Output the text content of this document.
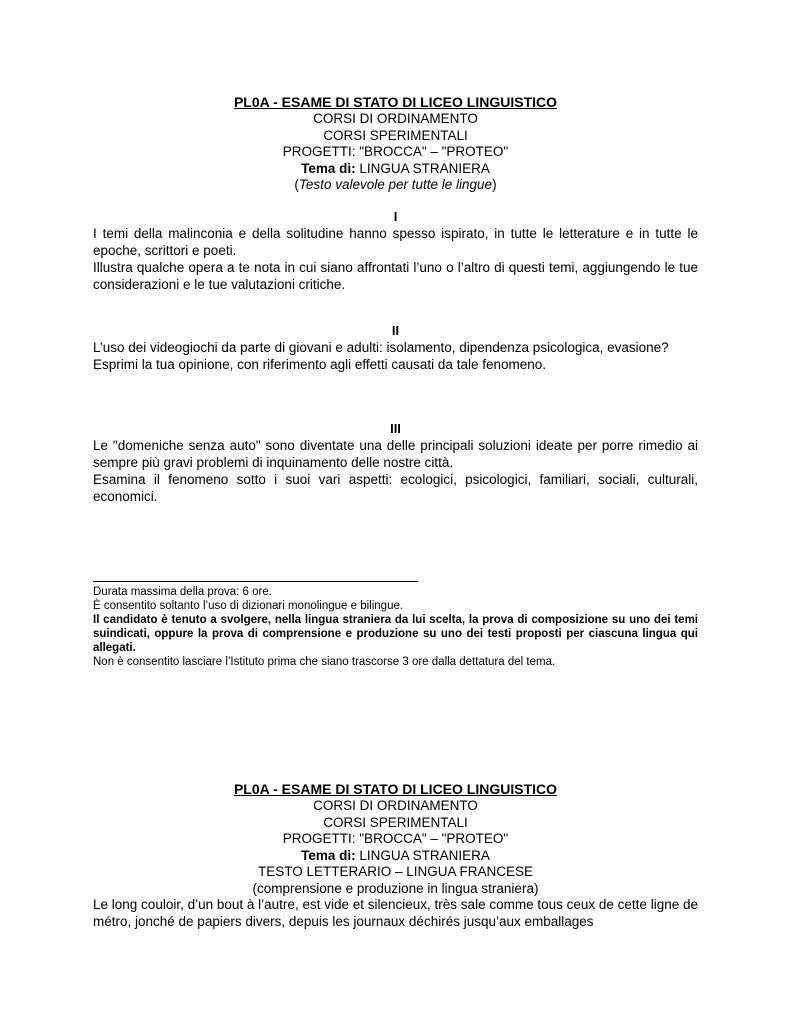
PL0A - ESAME DI STATO DI LICEO LINGUISTICO
CORSI DI ORDINAMENTO
CORSI SPERIMENTALI
PROGETTI: "BROCCA" – "PROTEO"
Tema di: LINGUA STRANIERA
(Testo valevole per tutte le lingue)
I

I temi della malinconia e della solitudine hanno spesso ispirato, in tutte le letterature e in tutte le epoche, scrittori e poeti.

Illustra qualche opera a te nota in cui siano affrontati l’uno o l’altro di questi temi, aggiungendo le tue considerazioni e le tue valutazioni critiche.

II

L’uso dei videogiochi da parte di giovani e adulti: isolamento, dipendenza psicologica, evasione?

Esprimi la tua opinione, con riferimento agli effetti causati da tale fenomeno.

III

Le "domeniche senza auto" sono diventate una delle principali soluzioni ideate per porre rimedio ai sempre più gravi problemi di inquinamento delle nostre città.

Esamina il fenomeno sotto i suoi vari aspetti: ecologici, psicologici, familiari, sociali, culturali, economici.

Durata massima della prova: 6 ore.

È consentito soltanto l’uso di dizionari monolingue e bilingue.

Il candidato è tenuto a svolgere, nella lingua straniera da lui scelta, la prova di composizione su uno dei temi suindicati, oppure la prova di comprensione e produzione su uno dei testi proposti per ciascuna lingua qui allegati.

Non è consentito lasciare l’Istituto prima che siano trascorse 3 ore dalla dettatura del tema.

PL0A - ESAME DI STATO DI LICEO LINGUISTICO
CORSI DI ORDINAMENTO
CORSI SPERIMENTALI
PROGETTI: "BROCCA" – "PROTEO"
Tema di: LINGUA STRANIERA
TESTO LETTERARIO – LINGUA FRANCESE
(comprensione e produzione in lingua straniera)

Le long couloir, d’un bout à l’autre, est vide et silencieux, très sale comme tous ceux de cette ligne de métro, jonché de papiers divers, depuis les journaux déchirés jusqu’aux emballages
